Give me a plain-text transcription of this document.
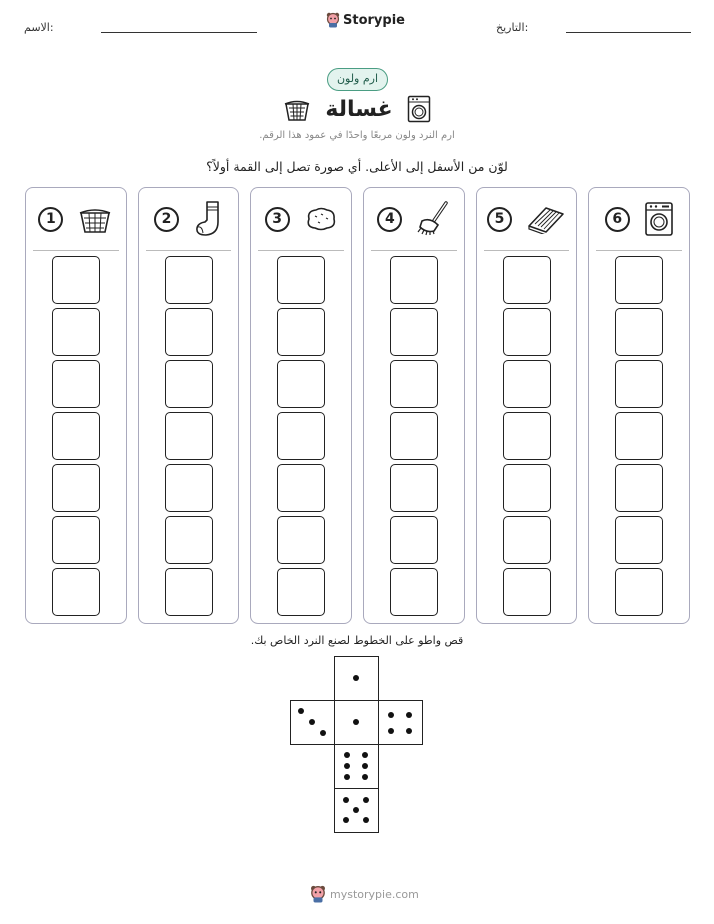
الاسم:	Storypie	التاريخ:
ارم ولون
غسالة
ارم النرد ولون مربعًا واحدًا في عمود هذا الرقم.
لوّن من الأسفل إلى الأعلى. أي صورة تصل إلى القمة أولاً؟
1	2	3	4	5	6
قص واطو على الخطوط لصنع النرد الخاص بك.
mystorypie.com
